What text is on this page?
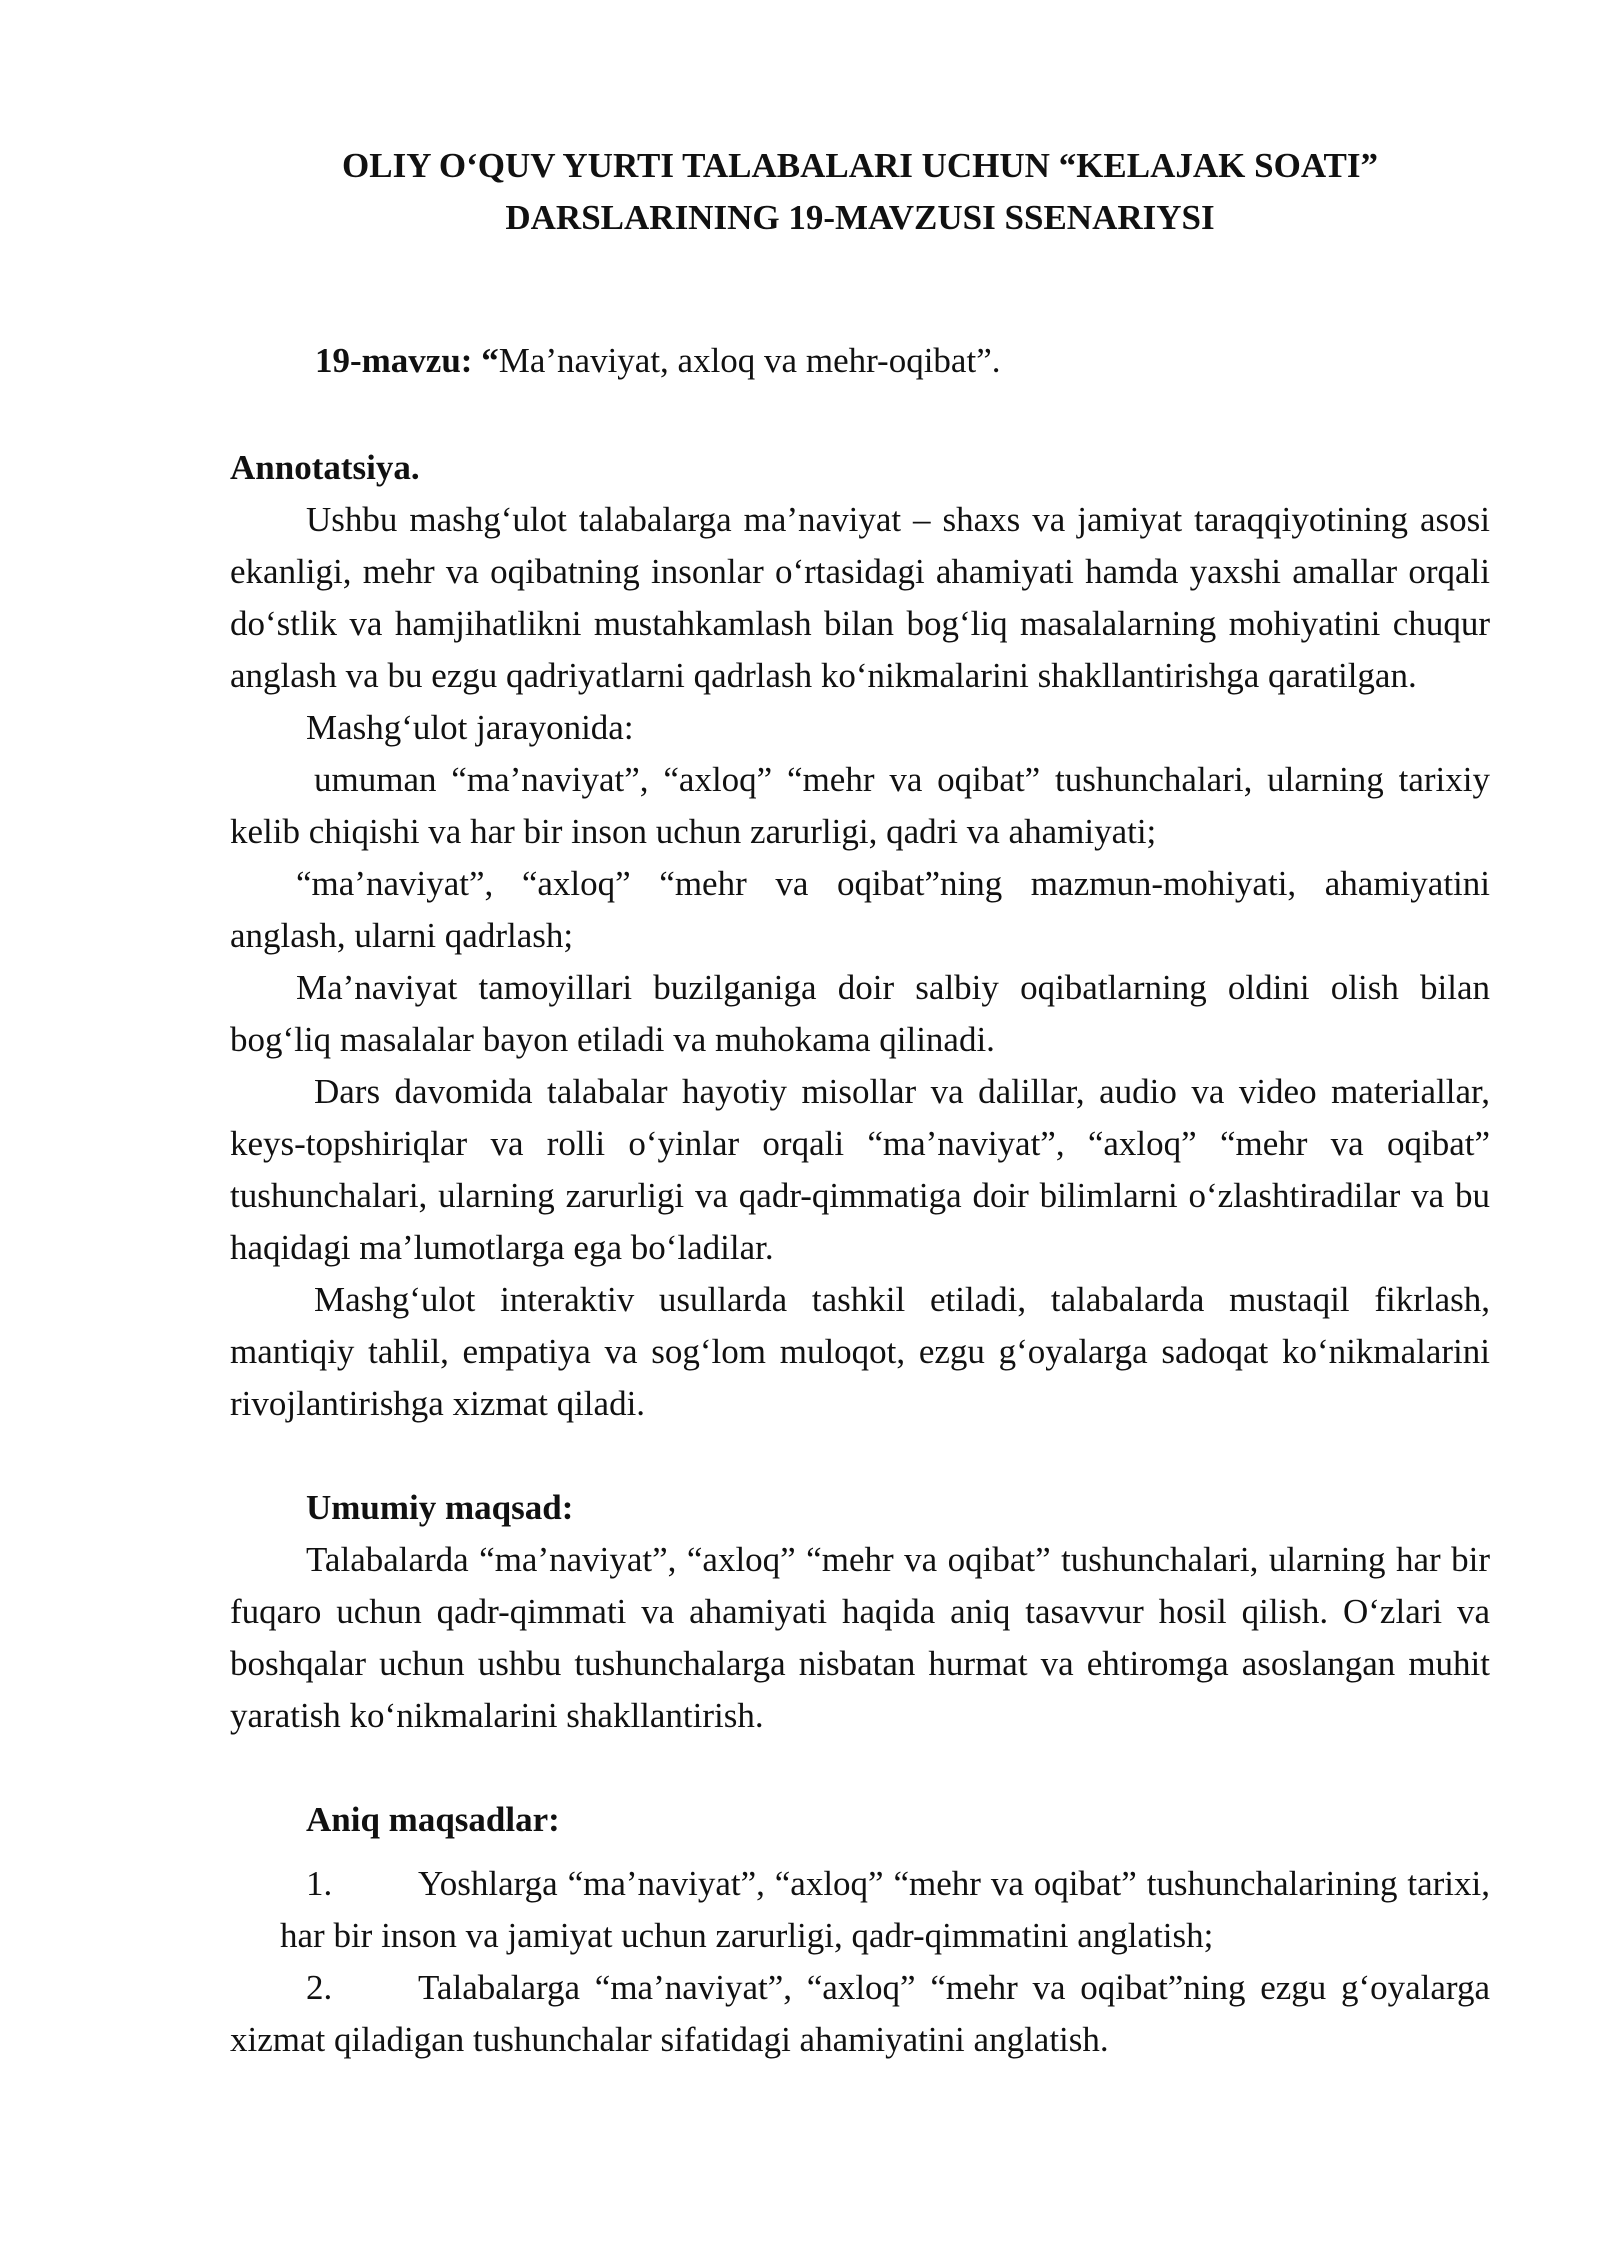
OLIY O‘QUV YURTI TALABALARI UCHUN “KELAJAK SOATI”
DARSLARINING 19-MAVZUSI SSENARIYSI
19-mavzu: “Ma’naviyat, axloq va mehr-oqibat”.

Annotatsiya.

Ushbu mashg‘ulot talabalarga ma’naviyat – shaxs va jamiyat taraqqiyotining asosi ekanligi, mehr va oqibatning insonlar o‘rtasidagi ahamiyati hamda yaxshi amallar orqali do‘stlik va hamjihatlikni mustahkamlash bilan bog‘liq masalalarning mohiyatini chuqur anglash va bu ezgu qadriyatlarni qadrlash ko‘nikmalarini shakllantirishga qaratilgan.

Mashg‘ulot jarayonida:

umuman “ma’naviyat”, “axloq” “mehr va oqibat” tushunchalari, ularning tarixiy kelib chiqishi va har bir inson uchun zarurligi, qadri va ahamiyati;

“ma’naviyat”, “axloq” “mehr va oqibat”ning mazmun-mohiyati, ahamiyatini anglash, ularni qadrlash;

Ma’naviyat tamoyillari buzilganiga doir salbiy oqibatlarning oldini olish bilan bog‘liq masalalar bayon etiladi va muhokama qilinadi.

Dars davomida talabalar hayotiy misollar va dalillar, audio va video materiallar, keys-topshiriqlar va rolli o‘yinlar orqali “ma’naviyat”, “axloq” “mehr va oqibat” tushunchalari, ularning zarurligi va qadr-qimmatiga doir bilimlarni o‘zlashtiradilar va bu haqidagi ma’lumotlarga ega bo‘ladilar.

Mashg‘ulot interaktiv usullarda tashkil etiladi, talabalarda mustaqil fikrlash, mantiqiy tahlil, empatiya va sog‘lom muloqot, ezgu g‘oyalarga sadoqat ko‘nikmalarini rivojlantirishga xizmat qiladi.

Umumiy maqsad:

Talabalarda “ma’naviyat”, “axloq” “mehr va oqibat” tushunchalari, ularning har bir fuqaro uchun qadr-qimmati va ahamiyati haqida aniq tasavvur hosil qilish. O‘zlari va boshqalar uchun ushbu tushunchalarga nisbatan hurmat va ehtiromga asoslangan muhit yaratish ko‘nikmalarini shakllantirish.

Aniq maqsadlar:

1. Yoshlarga “ma’naviyat”, “axloq” “mehr va oqibat” tushunchalarining tarixi, har bir inson va jamiyat uchun zarurligi, qadr-qimmatini anglatish;

2. Talabalarga “ma’naviyat”, “axloq” “mehr va oqibat”ning ezgu g‘oyalarga xizmat qiladigan tushunchalar sifatidagi ahamiyatini anglatish.
